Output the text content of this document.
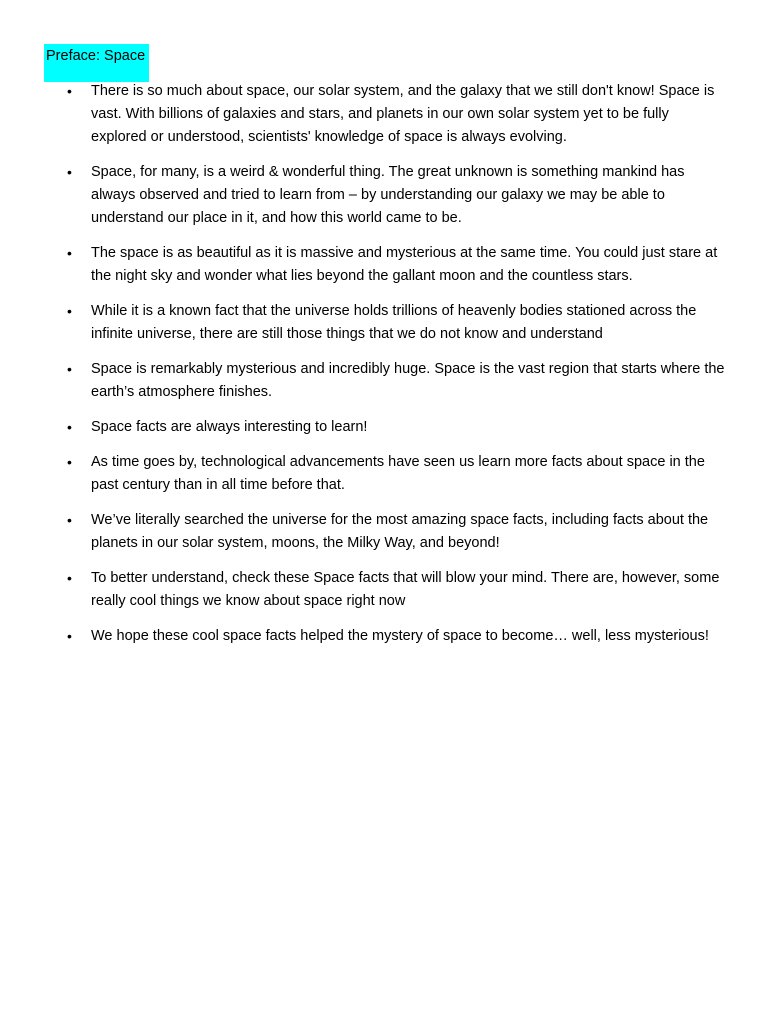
Preface: Space
• There is so much about space, our solar system, and the galaxy that we still don't know! Space is vast. With billions of galaxies and stars, and planets in our own solar system yet to be fully explored or understood, scientists' knowledge of space is always evolving.
• Space, for many, is a weird & wonderful thing. The great unknown is something mankind has always observed and tried to learn from – by understanding our galaxy we may be able to understand our place in it, and how this world came to be.
• The space is as beautiful as it is massive and mysterious at the same time. You could just stare at the night sky and wonder what lies beyond the gallant moon and the countless stars.
• While it is a known fact that the universe holds trillions of heavenly bodies stationed across the infinite universe, there are still those things that we do not know and understand
• Space is remarkably mysterious and incredibly huge. Space is the vast region that starts where the earth’s atmosphere finishes.
• Space facts are always interesting to learn!
• As time goes by, technological advancements have seen us learn more facts about space in the past century than in all time before that.
• We’ve literally searched the universe for the most amazing space facts, including facts about the planets in our solar system, moons, the Milky Way, and beyond!
• To better understand, check these Space facts that will blow your mind. There are, however, some really cool things we know about space right now
• We hope these cool space facts helped the mystery of space to become… well, less mysterious!
